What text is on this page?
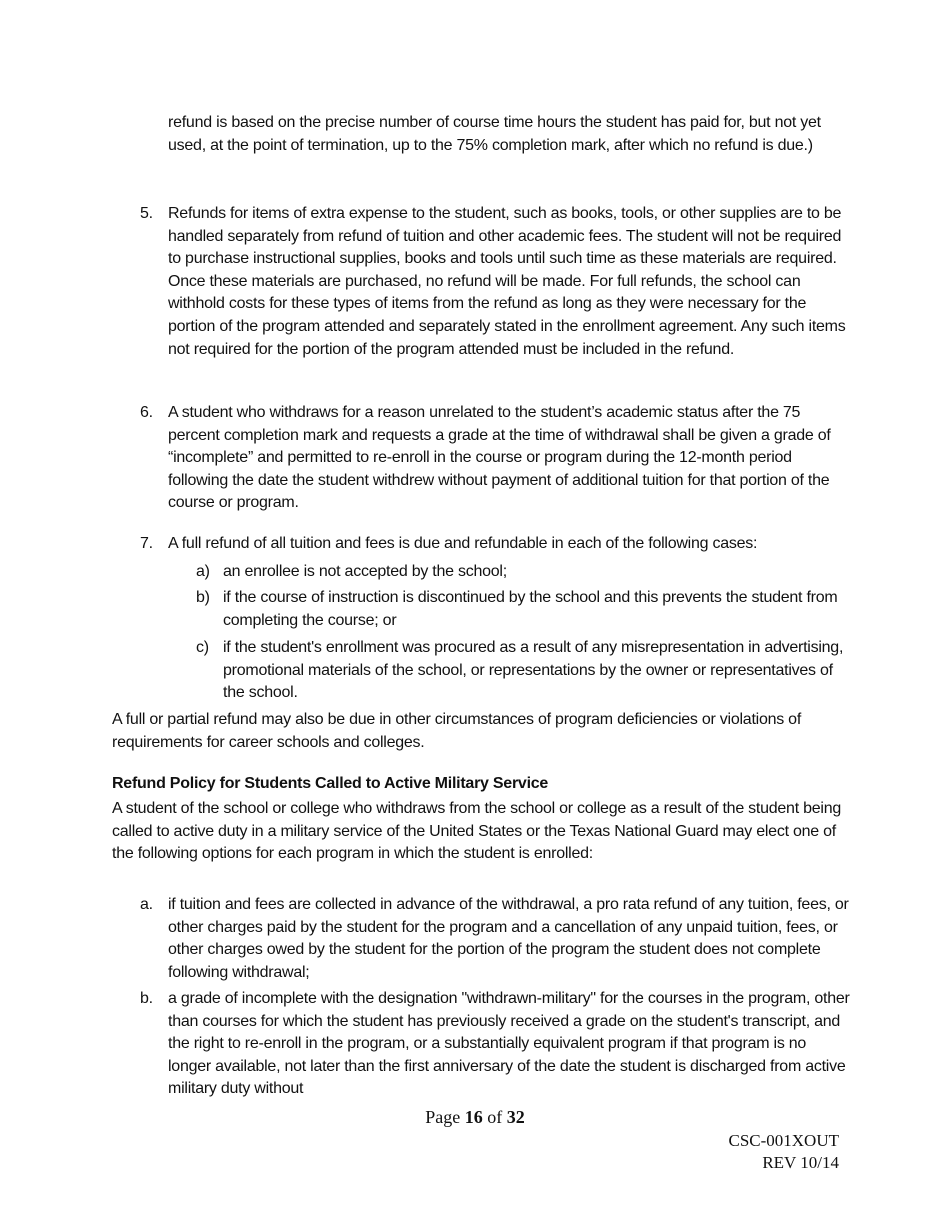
refund is based on the precise number of course time hours the student has paid for, but not yet used, at the point of termination, up to the 75% completion mark, after which no refund is due.)
5. Refunds for items of extra expense to the student, such as books, tools, or other supplies are to be handled separately from refund of tuition and other academic fees. The student will not be required to purchase instructional supplies, books and tools until such time as these materials are required. Once these materials are purchased, no refund will be made. For full refunds, the school can withhold costs for these types of items from the refund as long as they were necessary for the portion of the program attended and separately stated in the enrollment agreement. Any such items not required for the portion of the program attended must be included in the refund.
6. A student who withdraws for a reason unrelated to the student’s academic status after the 75 percent completion mark and requests a grade at the time of withdrawal shall be given a grade of “incomplete” and permitted to re-enroll in the course or program during the 12-month period following the date the student withdrew without payment of additional tuition for that portion of the course or program.
7. A full refund of all tuition and fees is due and refundable in each of the following cases:
a) an enrollee is not accepted by the school;
b) if the course of instruction is discontinued by the school and this prevents the student from completing the course; or
c) if the student's enrollment was procured as a result of any misrepresentation in advertising, promotional materials of the school, or representations by the owner or representatives of the school.
A full or partial refund may also be due in other circumstances of program deficiencies or violations of requirements for career schools and colleges.
Refund Policy for Students Called to Active Military Service
A student of the school or college who withdraws from the school or college as a result of the student being called to active duty in a military service of the United States or the Texas National Guard may elect one of the following options for each program in which the student is enrolled:
a. if tuition and fees are collected in advance of the withdrawal, a pro rata refund of any tuition, fees, or other charges paid by the student for the program and a cancellation of any unpaid tuition, fees, or other charges owed by the student for the portion of the program the student does not complete following withdrawal;
b. a grade of incomplete with the designation "withdrawn-military" for the courses in the program, other than courses for which the student has previously received a grade on the student's transcript, and the right to re-enroll in the program, or a substantially equivalent program if that program is no longer available, not later than the first anniversary of the date the student is discharged from active military duty without
Page 16 of 32
CSC-001XOUT
REV 10/14
